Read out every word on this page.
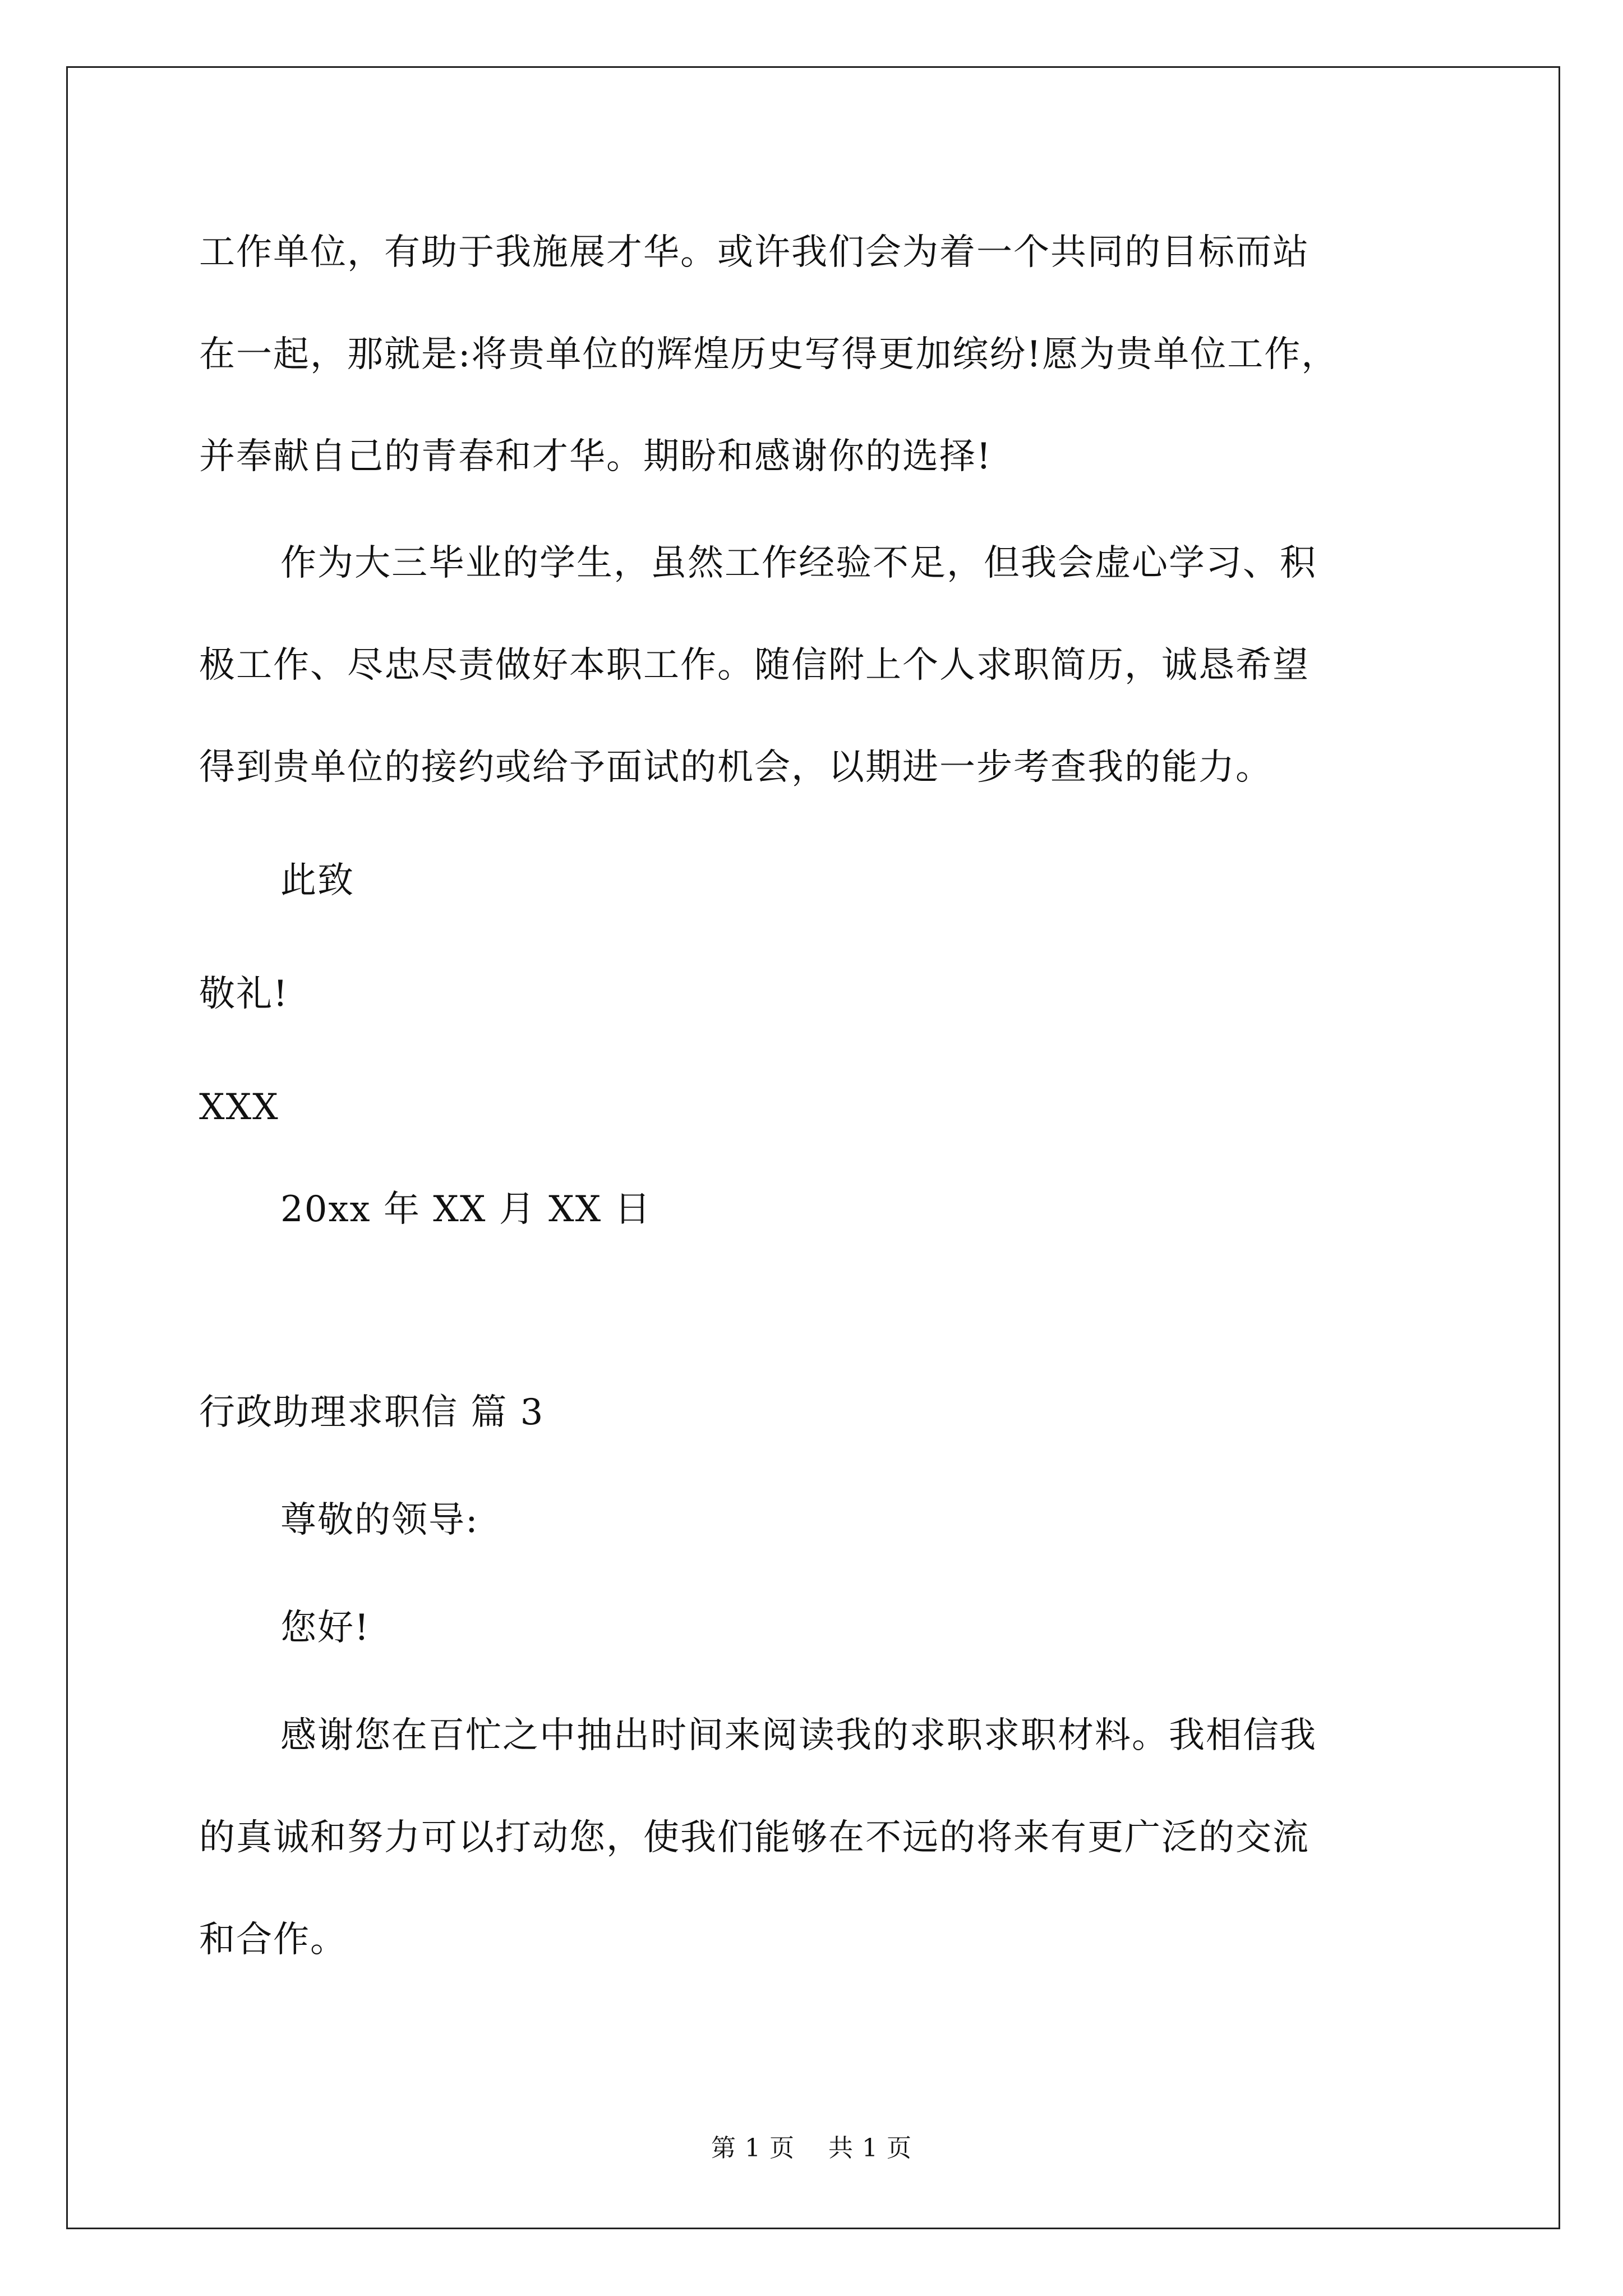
工作单位，有助于我施展才华。或许我们会为着一个共同的目标而站
在一起，那就是:将贵单位的辉煌历史写得更加缤纷!愿为贵单位工作，
并奉献自己的青春和才华。期盼和感谢你的选择!
作为大三毕业的学生，虽然工作经验不足，但我会虚心学习、积
极工作、尽忠尽责做好本职工作。随信附上个人求职简历，诚恳希望
得到贵单位的接约或给予面试的机会，以期进一步考查我的能力。
此致
敬礼!
XXX
20xx 年 XX 月 XX 日
行政助理求职信 篇 3
尊敬的领导:
您好!
感谢您在百忙之中抽出时间来阅读我的求职求职材料。我相信我
的真诚和努力可以打动您，使我们能够在不远的将来有更广泛的交流
和合作。
第 1 页 共 1 页
